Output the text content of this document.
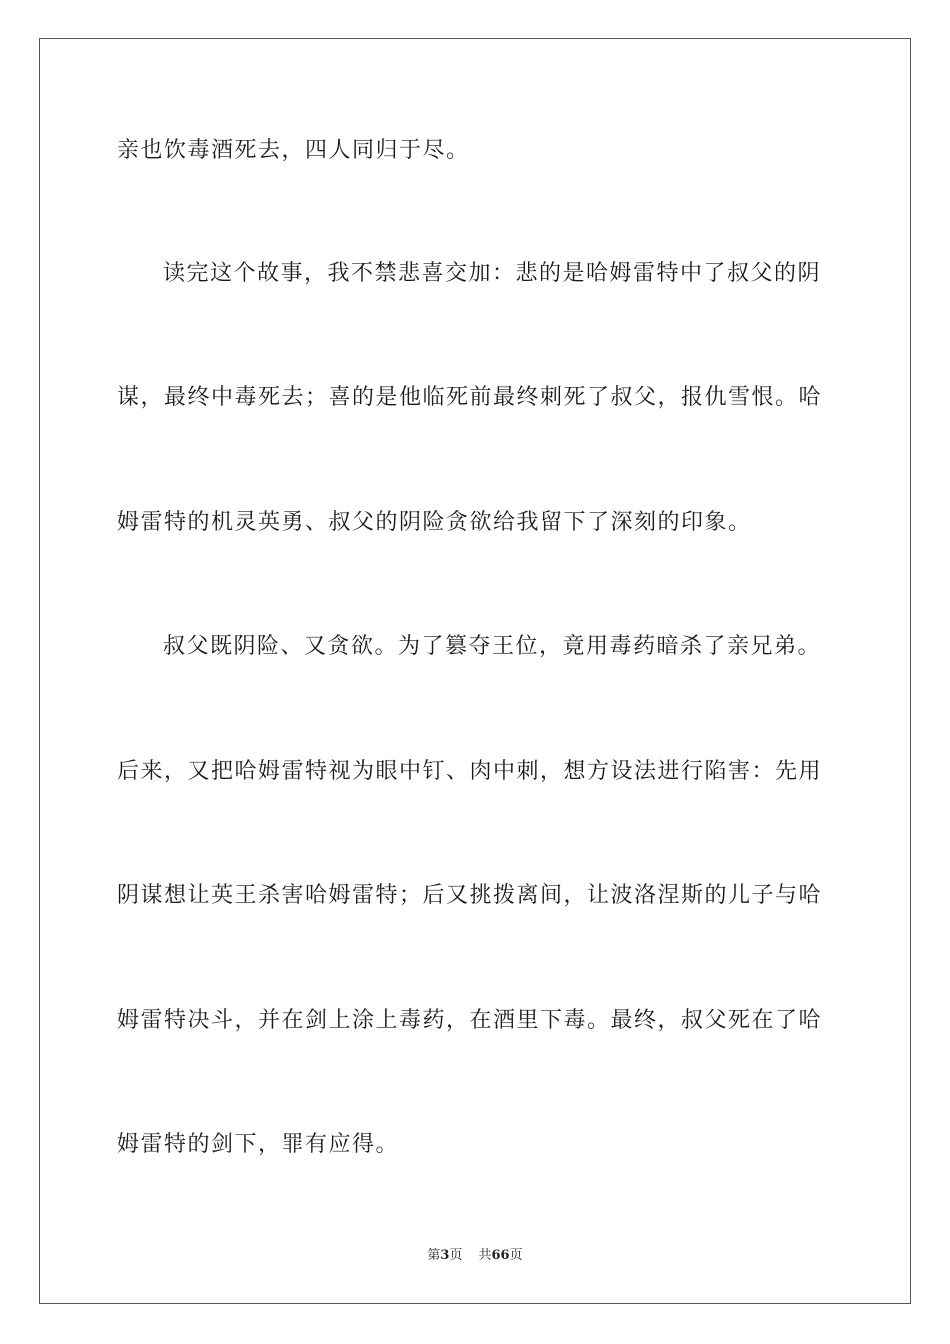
亲也饮毒酒死去，四人同归于尽。
读完这个故事，我不禁悲喜交加：悲的是哈姆雷特中了叔父的阴
谋，最终中毒死去；喜的是他临死前最终刺死了叔父，报仇雪恨。哈
姆雷特的机灵英勇、叔父的阴险贪欲给我留下了深刻的印象。
叔父既阴险、又贪欲。为了篡夺王位，竟用毒药暗杀了亲兄弟。
后来，又把哈姆雷特视为眼中钉、肉中刺，想方设法进行陷害：先用
阴谋想让英王杀害哈姆雷特；后又挑拨离间，让波洛涅斯的儿子与哈
姆雷特决斗，并在剑上涂上毒药，在酒里下毒。最终，叔父死在了哈
姆雷特的剑下，罪有应得。
第3页 共66页
